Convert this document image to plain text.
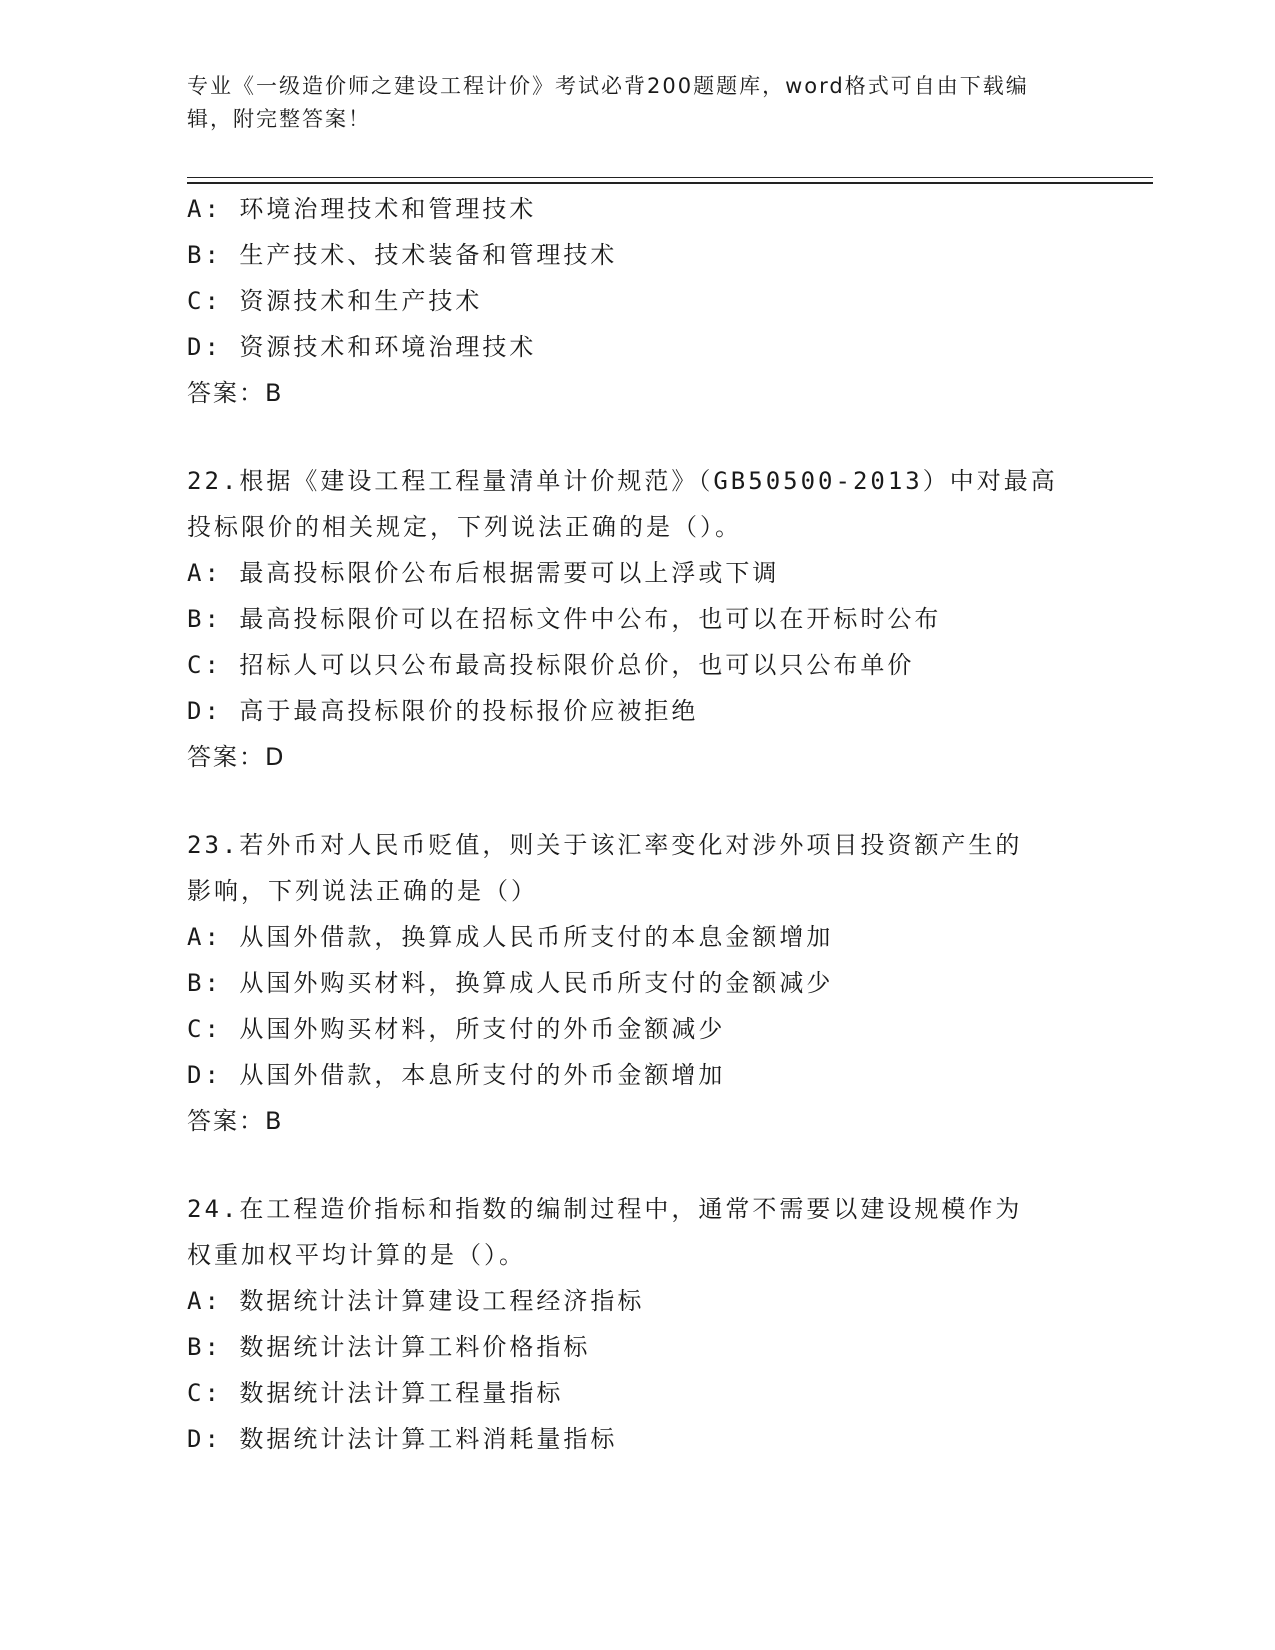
专业《一级造价师之建设工程计价》考试必背200题题库，word格式可自由下载编辑，附完整答案！
A: 环境治理技术和管理技术
B: 生产技术、技术装备和管理技术
C: 资源技术和生产技术
D: 资源技术和环境治理技术
答案：B
22.根据《建设工程工程量清单计价规范》（GB50500-2013）中对最高
投标限价的相关规定，下列说法正确的是（）。
A: 最高投标限价公布后根据需要可以上浮或下调
B: 最高投标限价可以在招标文件中公布，也可以在开标时公布
C: 招标人可以只公布最高投标限价总价，也可以只公布单价
D: 高于最高投标限价的投标报价应被拒绝
答案：D
23.若外币对人民币贬值，则关于该汇率变化对涉外项目投资额产生的
影响，下列说法正确的是（）
A: 从国外借款，换算成人民币所支付的本息金额增加
B: 从国外购买材料，换算成人民币所支付的金额减少
C: 从国外购买材料，所支付的外币金额减少
D: 从国外借款，本息所支付的外币金额增加
答案：B
24.在工程造价指标和指数的编制过程中，通常不需要以建设规模作为
权重加权平均计算的是（）。
A: 数据统计法计算建设工程经济指标
B: 数据统计法计算工料价格指标
C: 数据统计法计算工程量指标
D: 数据统计法计算工料消耗量指标
